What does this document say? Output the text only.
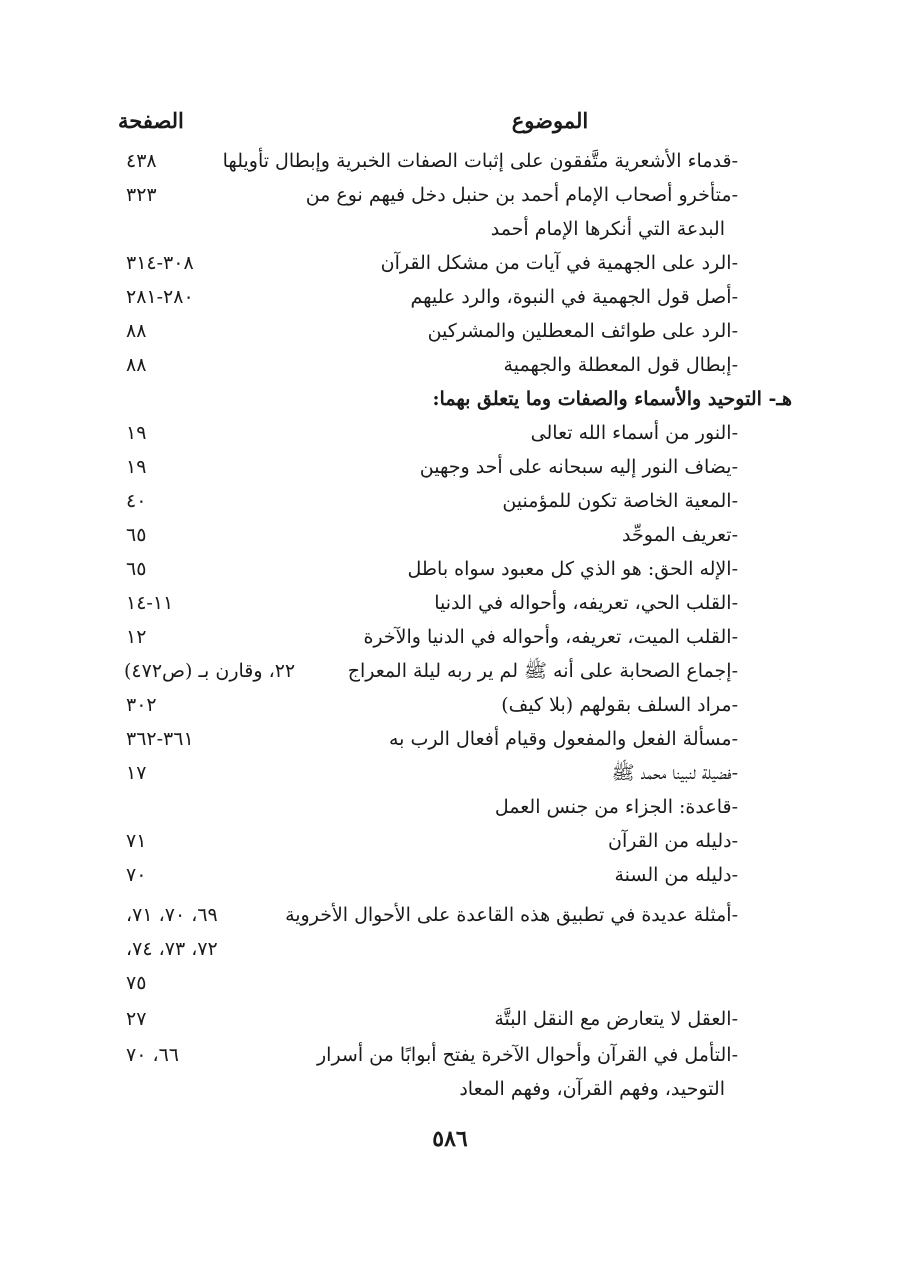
الموضوع
الصفحة
-قدماء الأشعرية متَّفقون على إثبات الصفات الخبرية وإبطال تأويلها
٤٣٨
-متأخرو أصحاب الإمام أحمد بن حنبل دخل فيهم نوع من
٣٢٣
البدعة التي أنكرها الإمام أحمد
-الرد على الجهمية في آيات من مشكل القرآن
٣٠٨-٣١٤
-أصل قول الجهمية في النبوة، والرد عليهم
٢٨٠-٢٨١
-الرد على طوائف المعطلين والمشركين
٨٨
-إبطال قول المعطلة والجهمية
٨٨
هـ- التوحيد والأسماء والصفات وما يتعلق بهما:
-النور من أسماء الله تعالى
١٩
-يضاف النور إليه سبحانه على أحد وجهين
١٩
-المعية الخاصة تكون للمؤمنين
٤٠
-تعريف الموحِّد
٦٥
-الإله الحق: هو الذي كل معبود سواه باطل
٦٥
-القلب الحي، تعريفه، وأحواله في الدنيا
١١-١٤
-القلب الميت، تعريفه، وأحواله في الدنيا والآخرة
١٢
-إجماع الصحابة على أنه ﷺ لم ير ربه ليلة المعراج
٢٢، وقارن بـ (ص٤٧٢)
-مراد السلف بقولهم (بلا كيف)
٣٠٢
-مسألة الفعل والمفعول وقيام أفعال الرب به
٣٦١-٣٦٢
-فضيلة لنبينا محمد ﷺ
١٧
-قاعدة: الجزاء من جنس العمل
-دليله من القرآن
٧١
-دليله من السنة
٧٠
-أمثلة عديدة في تطبيق هذه القاعدة على الأحوال الأخروية
٦٩، ٧٠، ٧١،
٧٢، ٧٣، ٧٤،
٧٥
-العقل لا يتعارض مع النقل البتَّة
٢٧
-التأمل في القرآن وأحوال الآخرة يفتح أبوابًا من أسرار
٦٦، ٧٠
التوحيد، وفهم القرآن، وفهم المعاد
٥٨٦
